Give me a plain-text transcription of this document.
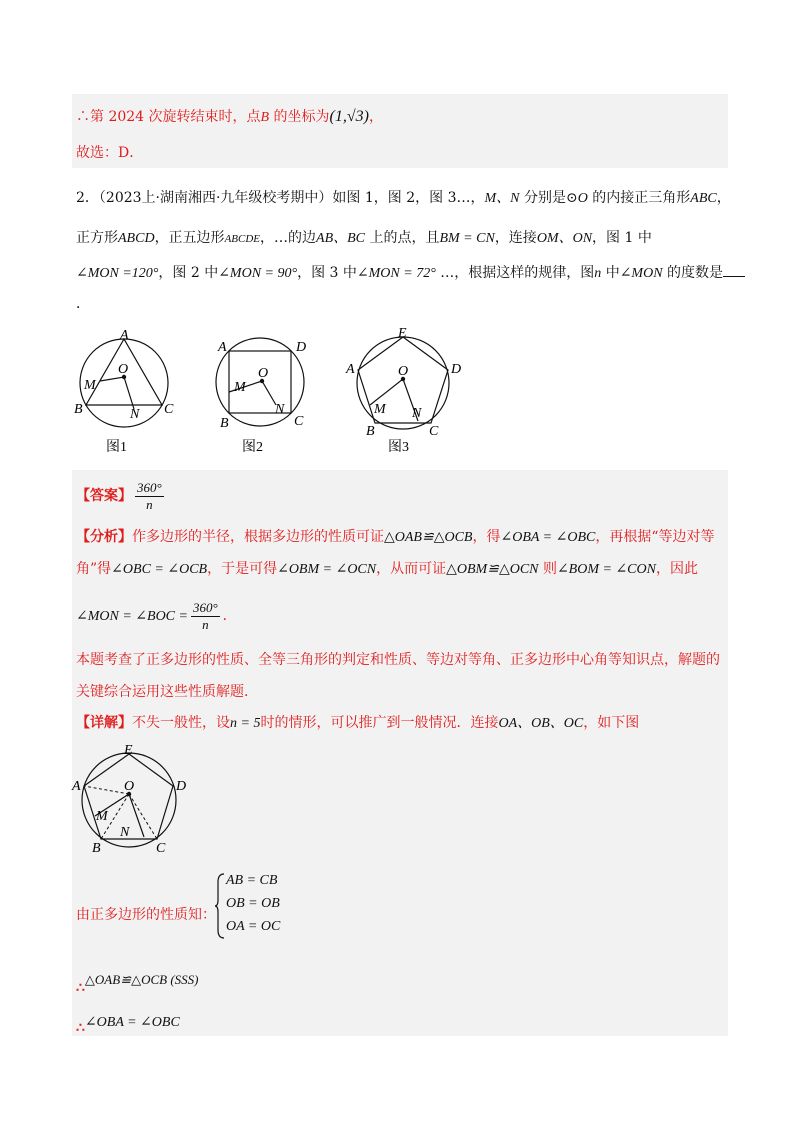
∴第 2024 次旋转结束时，点B 的坐标为(1,√3)，
故选：D．
2．（2023上·湖南湘西·九年级校考期中）如图 1，图 2，图 3…，M、N 分别是⊙O 的内接正三角形ABC，
正方形ABCD，正五边形ABCDE，…的边AB、BC 上的点，且BM = CN，连接OM、ON，图 1 中
∠MON =120°，图 2 中∠MON = 90°，图 3 中∠MON = 72° …，根据这样的规律，图n 中∠MON 的度数是
．
A
B	C
M
N
O
图1
A	D
B	C
M
N
O
图2
E
A	D
B	C
M N
O
图3
【答案】 $\frac{360^\circ}{n}$
【分析】作多边形的半径，根据多边形的性质可证△OAB≌△OCB，得∠OBA = ∠OBC，再根据“等边对等
角”得∠OBC = ∠OCB，于是可得∠OBM = ∠OCN，从而可证△OBM≌△OCN 则∠BOM = ∠CON，因此
∠MON = ∠BOC = $\frac{360^\circ}{n}$ ．
本题考查了正多边形的性质、全等三角形的判定和性质、等边对等角、正多边形中心角等知识点，解题的
关键综合运用这些性质解题.
【详解】不失一般性，设n = 5时的情形，可以推广到一般情况．连接OA、OB、OC，如下图
E
A	D
B	C
M
N
O
由正多边形的性质知：
AB = CB
OB = OB
OA = OC
∴△OAB≌△OCB (SSS)
∴∠OBA = ∠OBC
